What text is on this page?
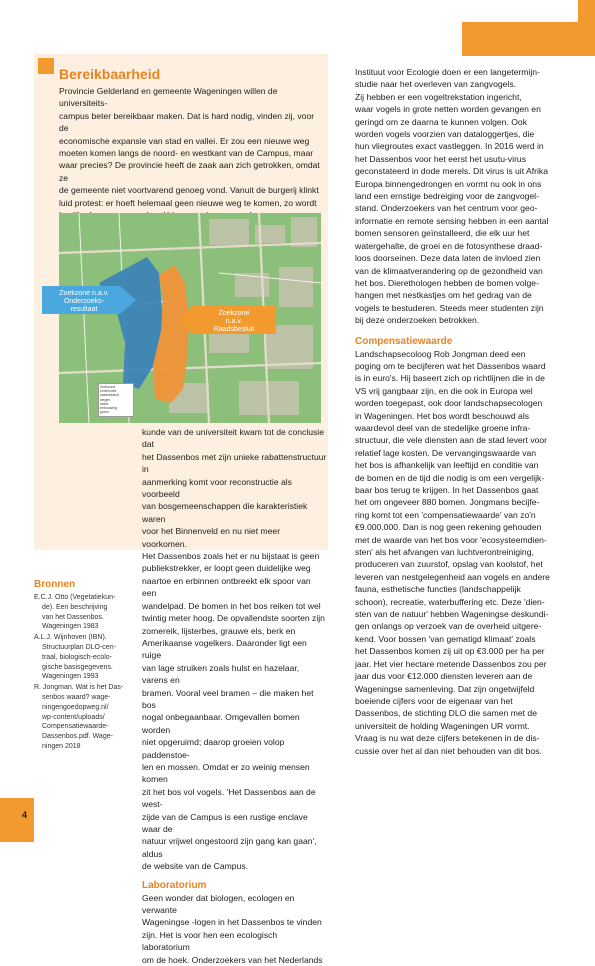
Bereikbaarheid
Provincie Gelderland en gemeente Wageningen willen de universiteits-
campus beter bereikbaar maken. Dat is hard nodig, vinden zij, voor de
economische expansie van stad en vallei. Er zou een nieuwe weg
moeten komen langs de noord- en westkant van de Campus, maar
waar precies? De provincie heeft de zaak aan zich getrokken, omdat ze
de gemeente niet voortvarend genoeg vond. Vanuit de burgerij klinkt
luid protest: er hoeft helemaal geen nieuwe weg te komen, zo wordt
Zoekzone n.a.v.
Onderzoeks-
resultaat
Zoekzone
n.a.v.
Raadsbesluit
Zoekzone
onderzoek
raadsbesluit
wegen
water
bebouwing
groen
kunde van de universiteit kwam tot de conclusie dat
het Dassenbos met zijn unieke rabattenstructuur in
aanmerking komt voor reconstructie als voorbeeld
van bosgemeenschappen die karakteristiek waren
voor het Binnenveld en nu niet meer voorkomen.
Het Dassenbos zoals het er nu bijstaat is geen
publiekstrekker, er loopt geen duidelijke weg
naartoe en erbinnen ontbreekt elk spoor van een
wandelpad. De bomen in het bos reiken tot wel
twintig meter hoog. De opvallendste soorten zijn
zomereik, lijsterbes, grauwe els, berk en
Amerikaanse vogelkers. Daaronder ligt een ruige
van lage struiken zoals hulst en hazelaar, varens en
bramen. Vooral veel bramen – die maken het bos
nogal onbegaanbaar. Omgevallen bomen worden
niet opgeruimd; daarop groeien volop paddenstoe-
len en mossen. Omdat er zo weinig mensen komen
zit het bos vol vogels. 'Het Dassenbos aan de west-
zijde van de Campus is een rustige enclave waar de
natuur vrijwel ongestoord zijn gang kan gaan', aldus
de website van de Campus.
Laboratorium
Geen wonder dat biologen, ecologen en verwante
Wageningse -logen in het Dassenbos te vinden
zijn. Het is voor hen een ecologisch laboratorium
om de hoek. Onderzoekers van het Nederlands
Bronnen
E.C.J. Otto (Vegetatiekun-
de). Een beschrijving
van het Dassenbos.
Wageningen 1983
A.L.J. Wijnhoven (IBN).
Structuurplan DLO-cen-
traal, biologisch-ecolo-
gische basisgegevens.
Wageningen 1993
R. Jongman. Wat is het Das-
senbos waard? wage-
ningengoedopweg.nl/
wp-content/uploads/
Compensatiewaarde-
Dassenbos.pdf. Wage-
ningen 2018
Instituut voor Ecologie doen er een langetermijn-
studie naar het overleven van zangvogels.
Zij hebben er een vogeltrekstation ingericht,
waar vogels in grote netten worden gevangen en
geringd om ze daarna te kunnen volgen. Ook
worden vogels voorzien van dataloggertjes, die
hun vliegroutes exact vastleggen. In 2016 werd in
het Dassenbos voor het eerst het usutu-virus
geconstateerd in dode merels. Dit virus is uit Afrika
Europa binnengedrongen en vormt nu ook in ons
land een ernstige bedreiging voor de zangvogel-
stand. Onderzoekers van het centrum voor geo-
informatie en remote sensing hebben in een aantal
bomen sensoren geïnstalleerd, die elk uur het
watergehalte, de groei en de fotosynthese draad-
loos doorseinen. Deze data laten de invloed zien
van de klimaatverandering op de gezondheid van
het bos. Dierethologen hebben de bomen volge-
hangen met nestkastjes om het gedrag van de
vogels te bestuderen. Steeds meer studenten zijn
bij deze onderzoeken betrokken.
Compensatiewaarde
Landschapsecoloog Rob Jongman deed een
poging om te becijferen wat het Dassenbos waard
is in euro's. Hij baseert zich op richtlijnen die in de
VS vrij gangbaar zijn, en die ook in Europa wel
worden toegepast, ook door landschapsecologen
in Wageningen. Het bos wordt beschouwd als
waardevol deel van de stedelijke groene infra-
structuur, die vele diensten aan de stad levert voor
relatief lage kosten. De vervangingswaarde van
het bos is afhankelijk van leeftijd en conditie van
de bomen en de tijd die nodig is om een vergelijk-
baar bos terug te krijgen. In het Dassenbos gaat
het om ongeveer 880 bomen. Jongmans becijfe-
ring komt tot een 'compensatiewaarde' van zo'n
€9.000.000. Dan is nog geen rekening gehouden
met de waarde van het bos voor 'ecosysteemdien-
sten' als het afvangen van luchtverontreiniging,
produceren van zuurstof, opslag van koolstof, het
leveren van nestgelegenheid aan vogels en andere
fauna, esthetische functies (landschappelijk
schoon), recreatie, waterbuffering etc. Deze 'dien-
sten van de natuur' hebben Wageningse deskundi-
gen onlangs op verzoek van de overheid uitgere-
kend. Voor bossen 'van gematigd klimaat' zoals
het Dassenbos komen zij uit op €3.000 per ha per
jaar. Het vier hectare metende Dassenbos zou per
jaar dus voor €12.000 diensten leveren aan de
Wageningse samenleving. Dat zijn ongetwijfeld
boeiende cijfers voor de eigenaar van het
Dassenbos, de stichting DLO die samen met de
universiteit de holding Wageningen UR vormt.
Vraag is nu wat deze cijfers betekenen in de dis-
cussie over het al dan niet behouden van dit bos.
4
